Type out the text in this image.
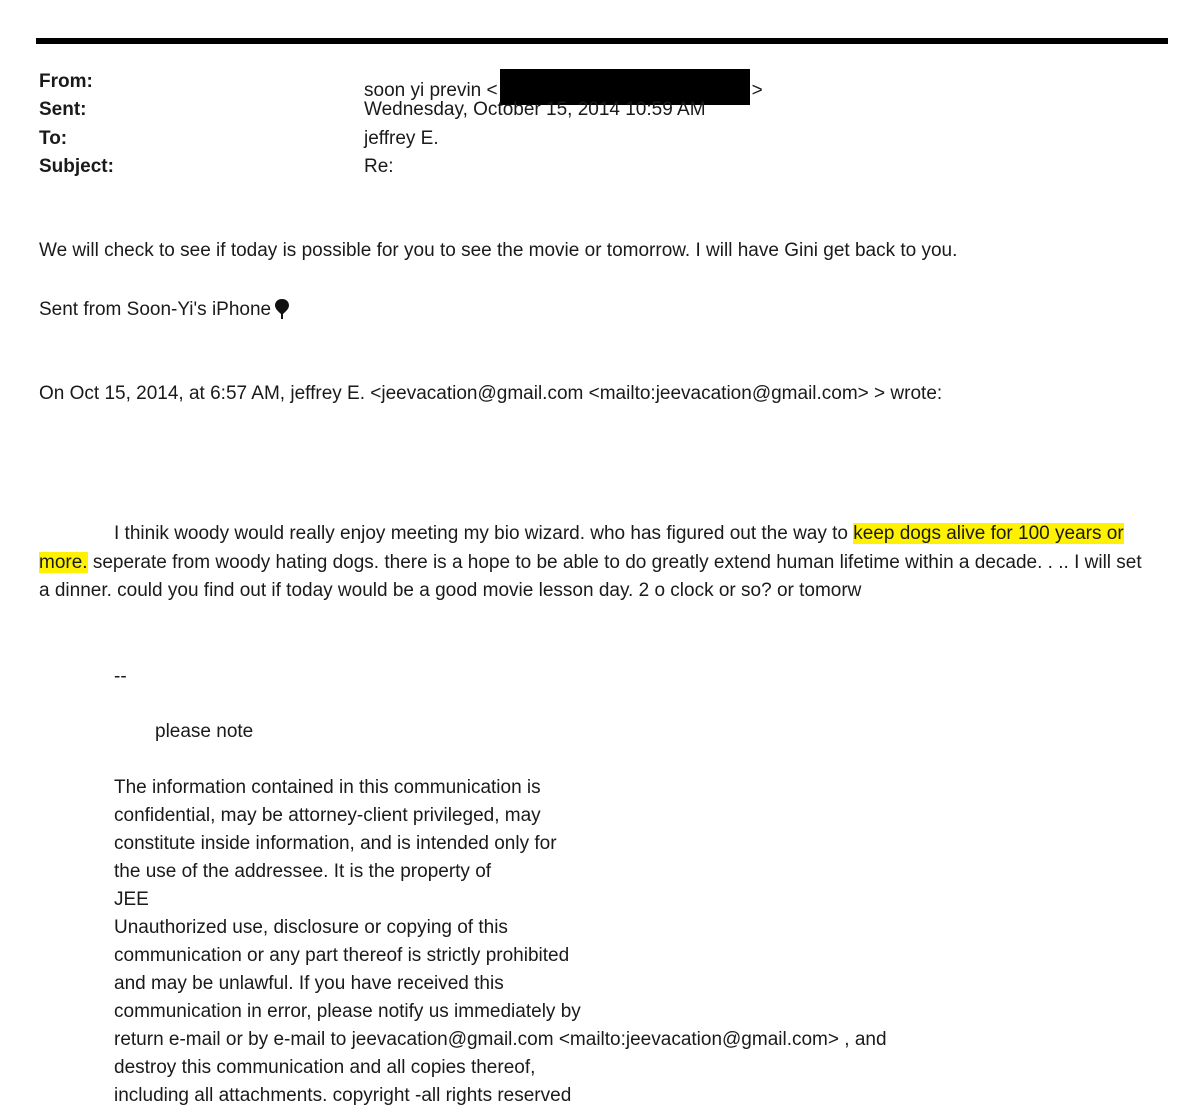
From:	soon yi previn <	>
Sent:	Wednesday, October 15, 2014 10:59 AM
To:	jeffrey E.
Subject:	Re:
We will check to see if today is possible for you to see the movie or tomorrow. I will have Gini get back to you.
Sent from Soon-Yi's iPhone
On Oct 15, 2014, at 6:57 AM, jeffrey E. <jeevacation@gmail.com <mailto:jeevacation@gmail.com> > wrote:

I thinik woody would really enjoy meeting my bio wizard. who has figured out the way to keep dogs alive for 100 years or more. seperate from woody hating dogs. there is a hope to be able to do greatly extend human lifetime within a decade. . .. I will set a dinner. could you find out if today would be a good movie lesson day. 2 o clock or so? or tomorw

--
please note
The information contained in this communication is
confidential, may be attorney-client privileged, may
constitute inside information, and is intended only for
the use of the addressee. It is the property of
JEE
Unauthorized use, disclosure or copying of this
communication or any part thereof is strictly prohibited
and may be unlawful. If you have received this
communication in error, please notify us immediately by
return e-mail or by e-mail to jeevacation@gmail.com <mailto:jeevacation@gmail.com> , and
destroy this communication and all copies thereof,
including all attachments. copyright -all rights reserved
